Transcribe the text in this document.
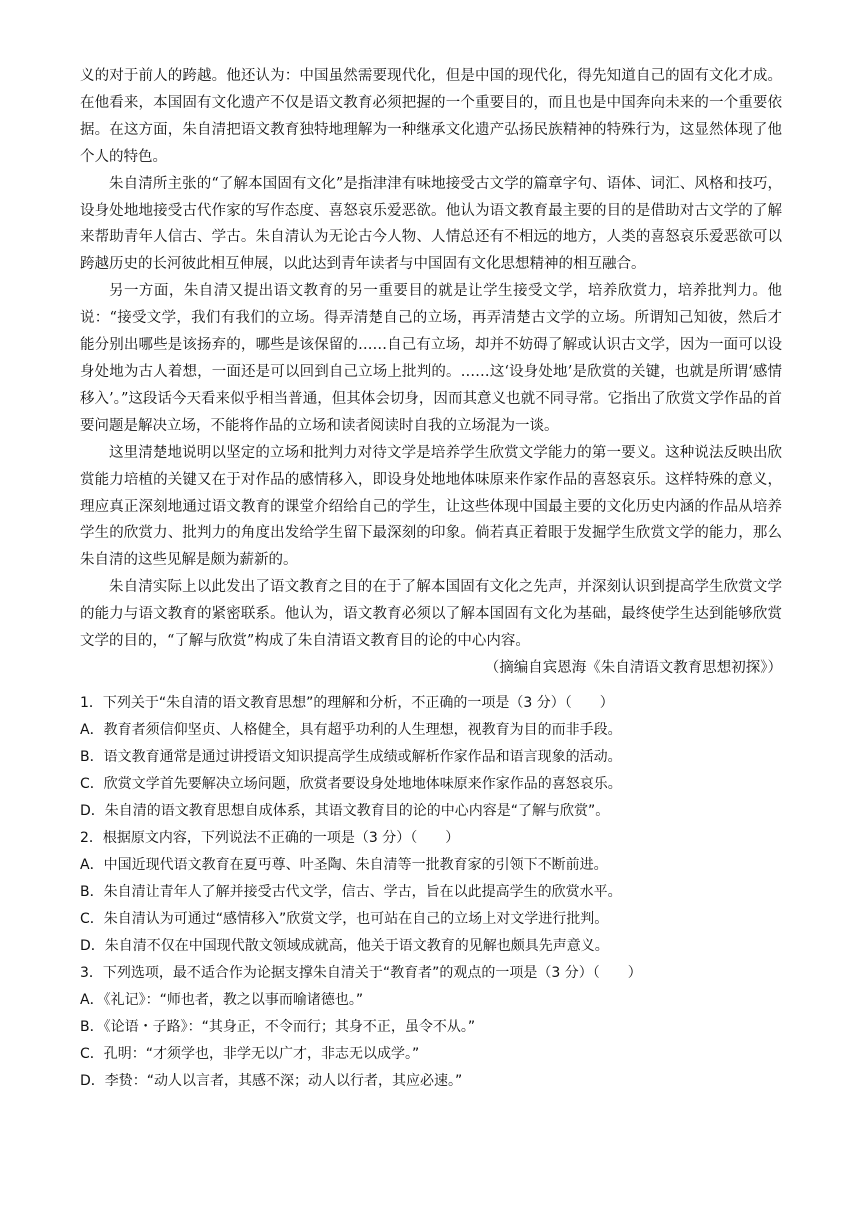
义的对于前人的跨越。他还认为：中国虽然需要现代化，但是中国的现代化，得先知道自己的固有文化才成。在他看来，本国固有文化遗产不仅是语文教育必须把握的一个重要目的，而且也是中国奔向未来的一个重要依据。在这方面，朱自清把语文教育独特地理解为一种继承文化遗产弘扬民族精神的特殊行为，这显然体现了他个人的特色。

朱自清所主张的“了解本国固有文化”是指津津有味地接受古文学的篇章字句、语体、词汇、风格和技巧，设身处地地接受古代作家的写作态度、喜怒哀乐爱恶欲。他认为语文教育最主要的目的是借助对古文学的了解来帮助青年人信古、学古。朱自清认为无论古今人物、人情总还有不相远的地方，人类的喜怒哀乐爱恶欲可以跨越历史的长河彼此相互伸展，以此达到青年读者与中国固有文化思想精神的相互融合。

另一方面，朱自清又提出语文教育的另一重要目的就是让学生接受文学，培养欣赏力，培养批判力。他说：“接受文学，我们有我们的立场。得弄清楚自己的立场，再弄清楚古文学的立场。所谓知己知彼，然后才能分别出哪些是该扬弃的，哪些是该保留的……自己有立场，却并不妨碍了解或认识古文学，因为一面可以设身处地为古人着想，一面还是可以回到自己立场上批判的。……这‘设身处地’是欣赏的关键，也就是所谓‘感情移入’。”这段话今天看来似乎相当普通，但其体会切身，因而其意义也就不同寻常。它指出了欣赏文学作品的首要问题是解决立场，不能将作品的立场和读者阅读时自我的立场混为一谈。

这里清楚地说明以坚定的立场和批判力对待文学是培养学生欣赏文学能力的第一要义。这种说法反映出欣赏能力培植的关键又在于对作品的感情移入，即设身处地地体味原来作家作品的喜怒哀乐。这样特殊的意义，理应真正深刻地通过语文教育的课堂介绍给自己的学生，让这些体现中国最主要的文化历史内涵的作品从培养学生的欣赏力、批判力的角度出发给学生留下最深刻的印象。倘若真正着眼于发掘学生欣赏文学的能力，那么朱自清的这些见解是颇为薪新的。

朱自清实际上以此发出了语文教育之目的在于了解本国固有文化之先声，并深刻认识到提高学生欣赏文学的能力与语文教育的紧密联系。他认为，语文教育必须以了解本国固有文化为基础，最终使学生达到能够欣赏文学的目的，“了解与欣赏”构成了朱自清语文教育目的论的中心内容。

（摘编自宾恩海《朱自清语文教育思想初探》）

1．下列关于“朱自清的语文教育思想”的理解和分析，不正确的一项是（3 分）（　　）

A．教育者须信仰坚贞、人格健全，具有超乎功利的人生理想，视教育为目的而非手段。

B．语文教育通常是通过讲授语文知识提高学生成绩或解析作家作品和语言现象的活动。

C．欣赏文学首先要解决立场问题，欣赏者要设身处地地体味原来作家作品的喜怒哀乐。

D．朱自清的语文教育思想自成体系，其语文教育目的论的中心内容是“了解与欣赏”。

2．根据原文内容，下列说法不正确的一项是（3 分）（　　）

A．中国近现代语文教育在夏丏尊、叶圣陶、朱自清等一批教育家的引领下不断前进。

B．朱自清让青年人了解并接受古代文学，信古、学古，旨在以此提高学生的欣赏水平。

C．朱自清认为可通过“感情移入”欣赏文学，也可站在自己的立场上对文学进行批判。

D．朱自清不仅在中国现代散文领域成就高，他关于语文教育的见解也颇具先声意义。

3．下列选项，最不适合作为论据支撑朱自清关于“教育者”的观点的一项是（3 分）（　　）

A．《礼记》：“师也者，教之以事而喻诸德也。”

B．《论语・子路》：“其身正，不令而行；其身不正，虽令不从。”

C．孔明：“才须学也，非学无以广才，非志无以成学。”

D．李贽：“动人以言者，其感不深；动人以行者，其应必速。”
